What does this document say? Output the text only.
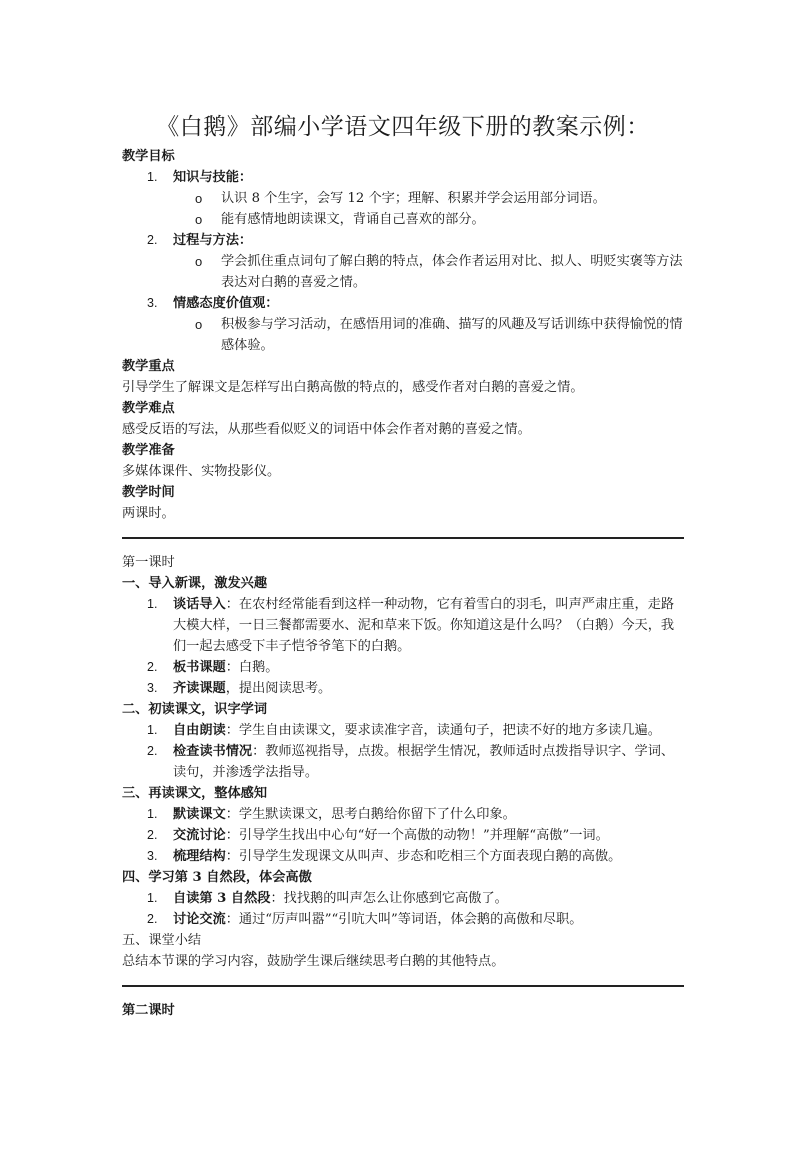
《白鹅》部编小学语文四年级下册的教案示例：
教学目标
1. 知识与技能：
o 认识 8 个生字，会写 12 个字；理解、积累并学会运用部分词语。
o 能有感情地朗读课文，背诵自己喜欢的部分。
2. 过程与方法：
o 学会抓住重点词句了解白鹅的特点，体会作者运用对比、拟人、明贬实褒等方法表达对白鹅的喜爱之情。
3. 情感态度价值观：
o 积极参与学习活动，在感悟用词的准确、描写的风趣及写话训练中获得愉悦的情感体验。
教学重点
引导学生了解课文是怎样写出白鹅高傲的特点的，感受作者对白鹅的喜爱之情。
教学难点
感受反语的写法，从那些看似贬义的词语中体会作者对鹅的喜爱之情。
教学准备
多媒体课件、实物投影仪。
教学时间
两课时。
第一课时
一、导入新课，激发兴趣
1. 谈话导入：在农村经常能看到这样一种动物，它有着雪白的羽毛，叫声严肃庄重，走路大模大样，一日三餐都需要水、泥和草来下饭。你知道这是什么吗？（白鹅）今天，我们一起去感受下丰子恺爷爷笔下的白鹅。
2. 板书课题：白鹅。
3. 齐读课题，提出阅读思考。
二、初读课文，识字学词
1. 自由朗读：学生自由读课文，要求读准字音，读通句子，把读不好的地方多读几遍。
2. 检查读书情况：教师巡视指导，点拨。根据学生情况，教师适时点拨指导识字、学词、读句，并渗透学法指导。
三、再读课文，整体感知
1. 默读课文：学生默读课文，思考白鹅给你留下了什么印象。
2. 交流讨论：引导学生找出中心句“好一个高傲的动物！”并理解“高傲”一词。
3. 梳理结构：引导学生发现课文从叫声、步态和吃相三个方面表现白鹅的高傲。
四、学习第 3 自然段，体会高傲
1. 自读第 3 自然段：找找鹅的叫声怎么让你感到它高傲了。
2. 讨论交流：通过“厉声叫嚣”“引吭大叫”等词语，体会鹅的高傲和尽职。
五、课堂小结
总结本节课的学习内容，鼓励学生课后继续思考白鹅的其他特点。
第二课时
